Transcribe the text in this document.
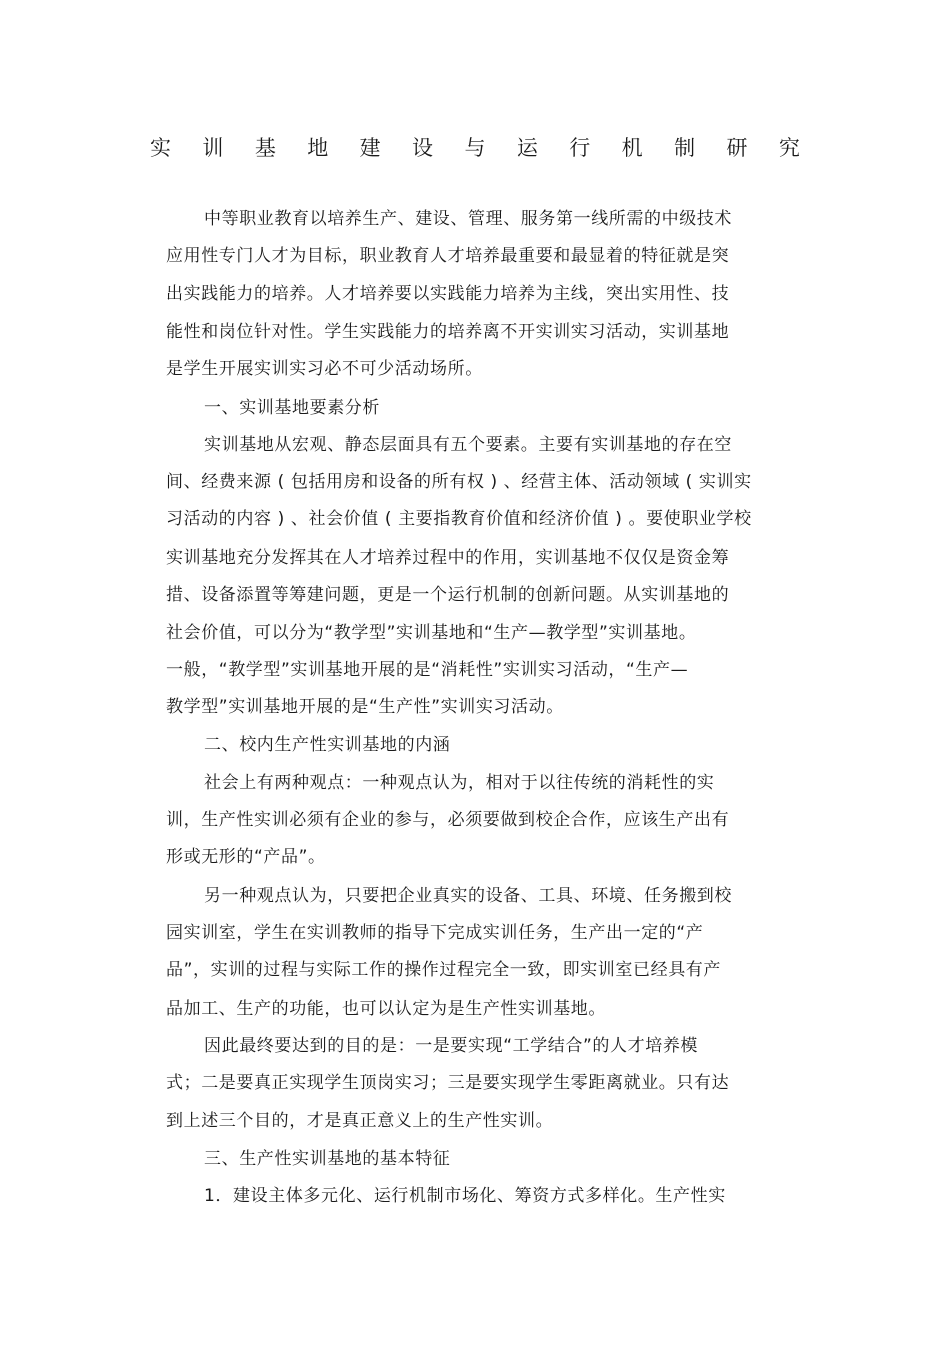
实 训 基 地 建 设 与 运 行 机 制 研 究
中等职业教育以培养生产、建设、管理、服务第一线所需的中级技术
应用性专门人才为目标，职业教育人才培养最重要和最显着的特征就是突
出实践能力的培养。人才培养要以实践能力培养为主线，突出实用性、技
能性和岗位针对性。学生实践能力的培养离不开实训实习活动，实训基地
是学生开展实训实习必不可少活动场所。
一、实训基地要素分析
实训基地从宏观、静态层面具有五个要素。主要有实训基地的存在空
间、经费来源 ( 包括用房和设备的所有权 ) 、经营主体、活动领域 ( 实训实
习活动的内容 ) 、社会价值 ( 主要指教育价值和经济价值 ) 。要使职业学校
实训基地充分发挥其在人才培养过程中的作用，实训基地不仅仅是资金筹
措、设备添置等筹建问题，更是一个运行机制的创新问题。从实训基地的
社会价值，可以分为“教学型”实训基地和“生产—教学型”实训基地。
一般，“教学型”实训基地开展的是“消耗性”实训实习活动，“生产—
教学型”实训基地开展的是“生产性”实训实习活动。
二、校内生产性实训基地的内涵
社会上有两种观点：一种观点认为，相对于以往传统的消耗性的实
训，生产性实训必须有企业的参与，必须要做到校企合作，应该生产出有
形或无形的“产品”。
另一种观点认为，只要把企业真实的设备、工具、环境、任务搬到校
园实训室，学生在实训教师的指导下完成实训任务，生产出一定的“产
品”，实训的过程与实际工作的操作过程完全一致，即实训室已经具有产
品加工、生产的功能，也可以认定为是生产性实训基地。
因此最终要达到的目的是：一是要实现“工学结合”的人才培养模
式；二是要真正实现学生顶岗实习；三是要实现学生零距离就业。只有达
到上述三个目的，才是真正意义上的生产性实训。
三、生产性实训基地的基本特征
1．建设主体多元化、运行机制市场化、筹资方式多样化。生产性实
